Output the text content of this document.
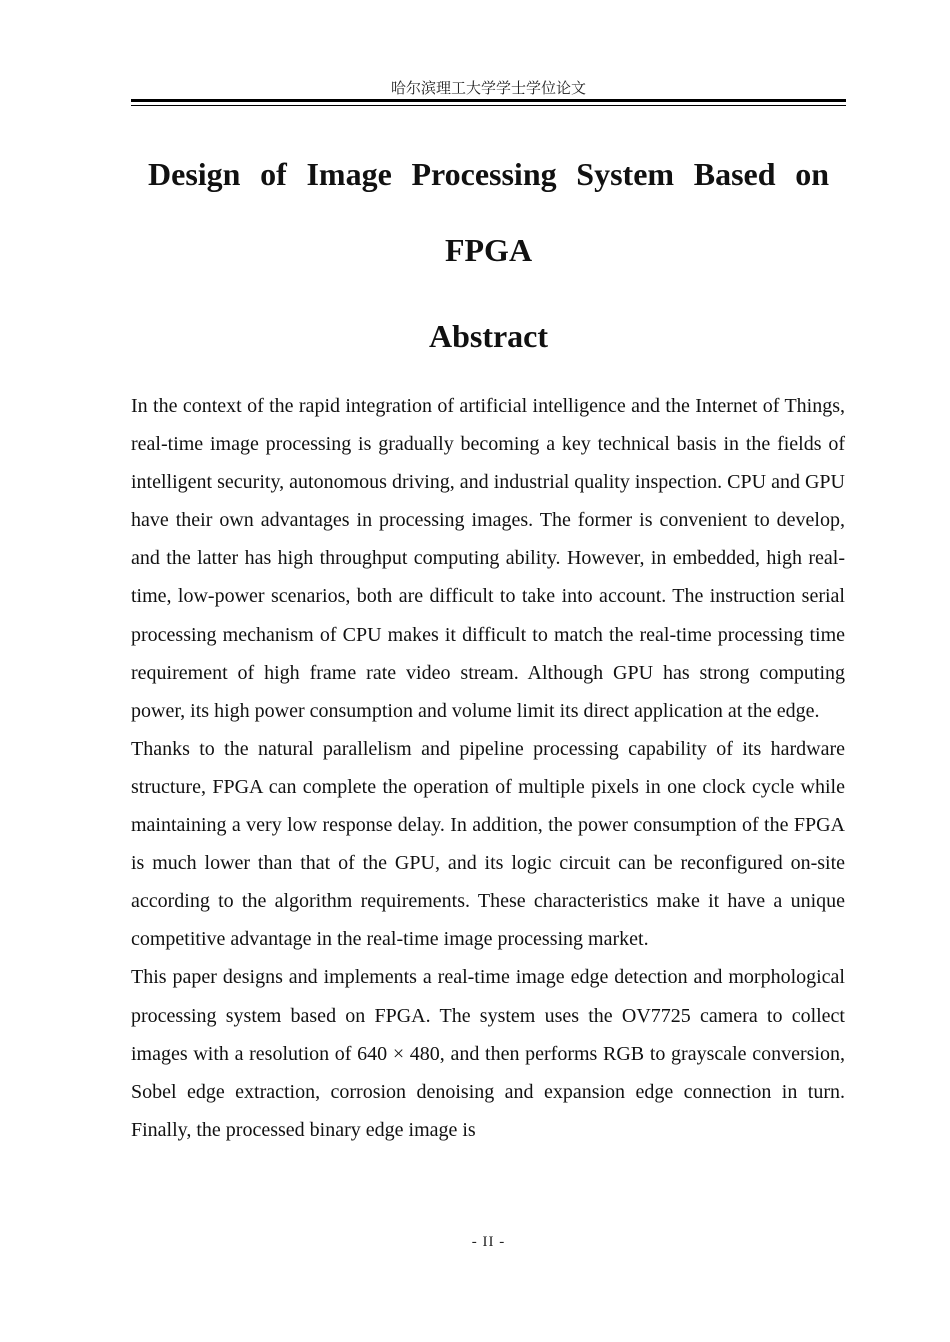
哈尔滨理工大学学士学位论文
Design of Image Processing System Based on
FPGA
Abstract

In the context of the rapid integration of artificial intelligence and the Internet of Things, real-time image processing is gradually becoming a key technical basis in the fields of intelligent security, autonomous driving, and industrial quality inspection. CPU and GPU have their own advantages in processing images. The former is convenient to develop, and the latter has high throughput computing ability. However, in embedded, high real-time, low-power scenarios, both are difficult to take into account. The instruction serial processing mechanism of CPU makes it difficult to match the real-time processing time requirement of high frame rate video stream. Although GPU has strong computing power, its high power consumption and volume limit its direct application at the edge.

Thanks to the natural parallelism and pipeline processing capability of its hardware structure, FPGA can complete the operation of multiple pixels in one clock cycle while maintaining a very low response delay. In addition, the power consumption of the FPGA is much lower than that of the GPU, and its logic circuit can be reconfigured on-site according to the algorithm requirements. These characteristics make it have a unique competitive advantage in the real-time image processing market.

This paper designs and implements a real-time image edge detection and morphological processing system based on FPGA. The system uses the OV7725 camera to collect images with a resolution of 640 × 480, and then performs RGB to grayscale conversion, Sobel edge extraction, corrosion denoising and expansion edge connection in turn. Finally, the processed binary edge image is

- II -
